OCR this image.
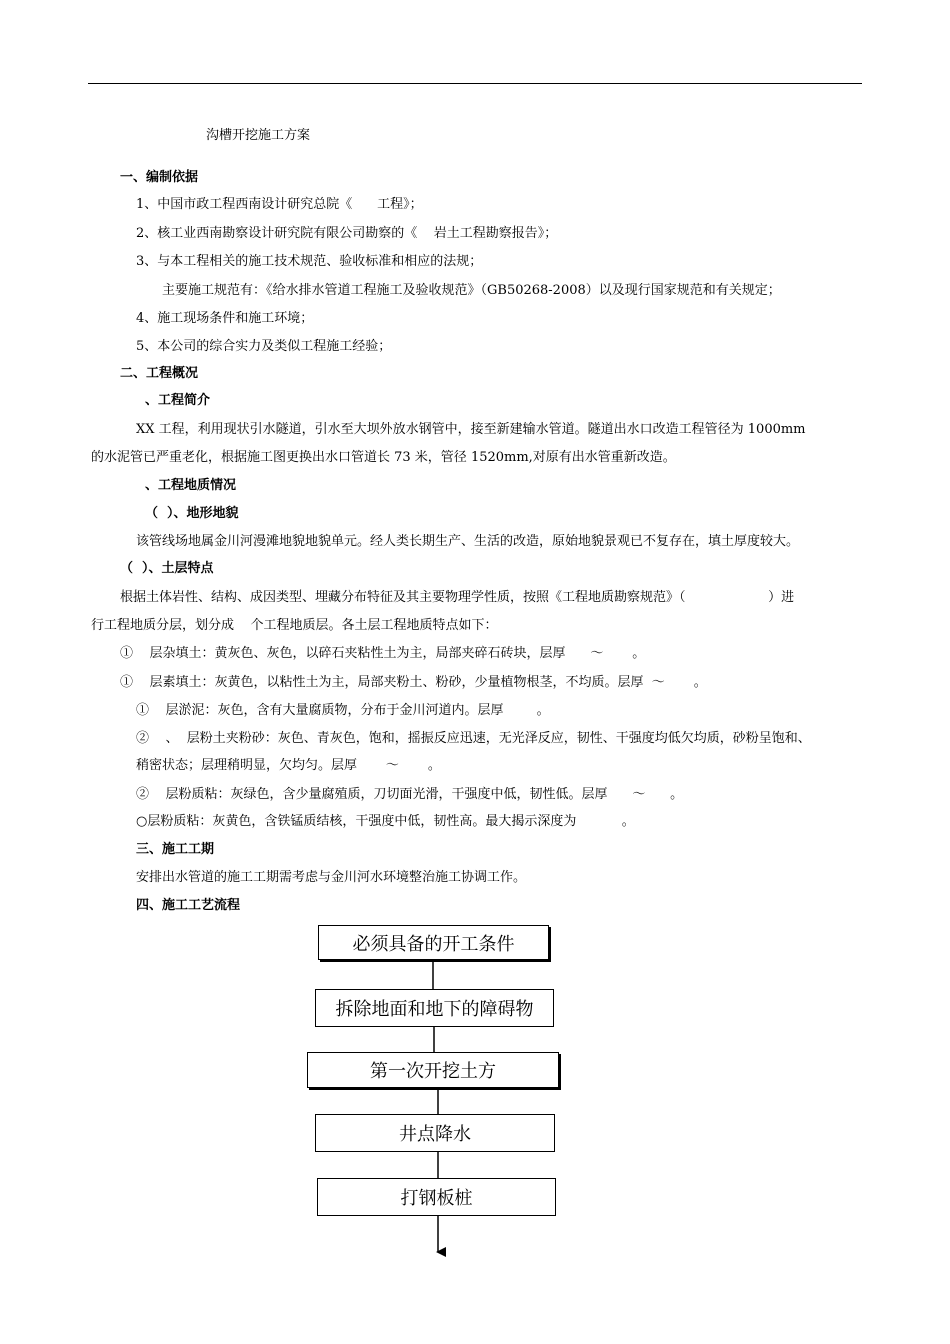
沟槽开挖施工方案
一、编制依据
1、中国市政工程西南设计研究总院《      工程》；
2、核工业西南勘察设计研究院有限公司勘察的《    岩土工程勘察报告》；
3、与本工程相关的施工技术规范、验收标准和相应的法规；
主要施工规范有：《给水排水管道工程施工及验收规范》（GB50268-2008）以及现行国家规范和有关规定；
4、施工现场条件和施工环境；
5、本公司的综合实力及类似工程施工经验；
二、工程概况
、工程简介
XX 工程，利用现状引水隧道，引水至大坝外放水钢管中，接至新建输水管道。隧道出水口改造工程管径为 1000mm
的水泥管已严重老化，根据施工图更换出水口管道长 73 米，管径 1520mm,对原有出水管重新改造。
、工程地质情况
（  ）、地形地貌
该管线场地属金川河漫滩地貌地貌单元。经人类长期生产、生活的改造，原始地貌景观已不复存在，填土厚度较大。
（  ）、土层特点
根据土体岩性、结构、成因类型、埋藏分布特征及其主要物理学性质，按照《工程地质勘察规范》（                    ）进
行工程地质分层，划分成    个工程地质层。各土层工程地质特点如下：
①    层杂填土：黄灰色、灰色，以碎石夹粘性土为主，局部夹碎石砖块，层厚      ～       。
①    层素填土：灰黄色，以粘性土为主，局部夹粉土、粉砂，少量植物根茎，不均质。层厚  ～       。
①    层淤泥：灰色，含有大量腐质物，分布于金川河道内。层厚        。
②    、  层粉土夹粉砂：灰色、青灰色，饱和，摇振反应迅速，无光泽反应，韧性、干强度均低欠均质，砂粉呈饱和、
稍密状态；层理稍明显，欠均匀。层厚       ～       。
②    层粉质粘：灰绿色，含少量腐殖质，刀切面光滑，干强度中低，韧性低。层厚      ～      。
○层粉质粘：灰黄色，含铁锰质结核，干强度中低，韧性高。最大揭示深度为           。
三、施工工期
安排出水管道的施工工期需考虑与金川河水环境整治施工协调工作。
四、施工工艺流程
必须具备的开工条件
拆除地面和地下的障碍物
第一次开挖土方
井点降水
打钢板桩
